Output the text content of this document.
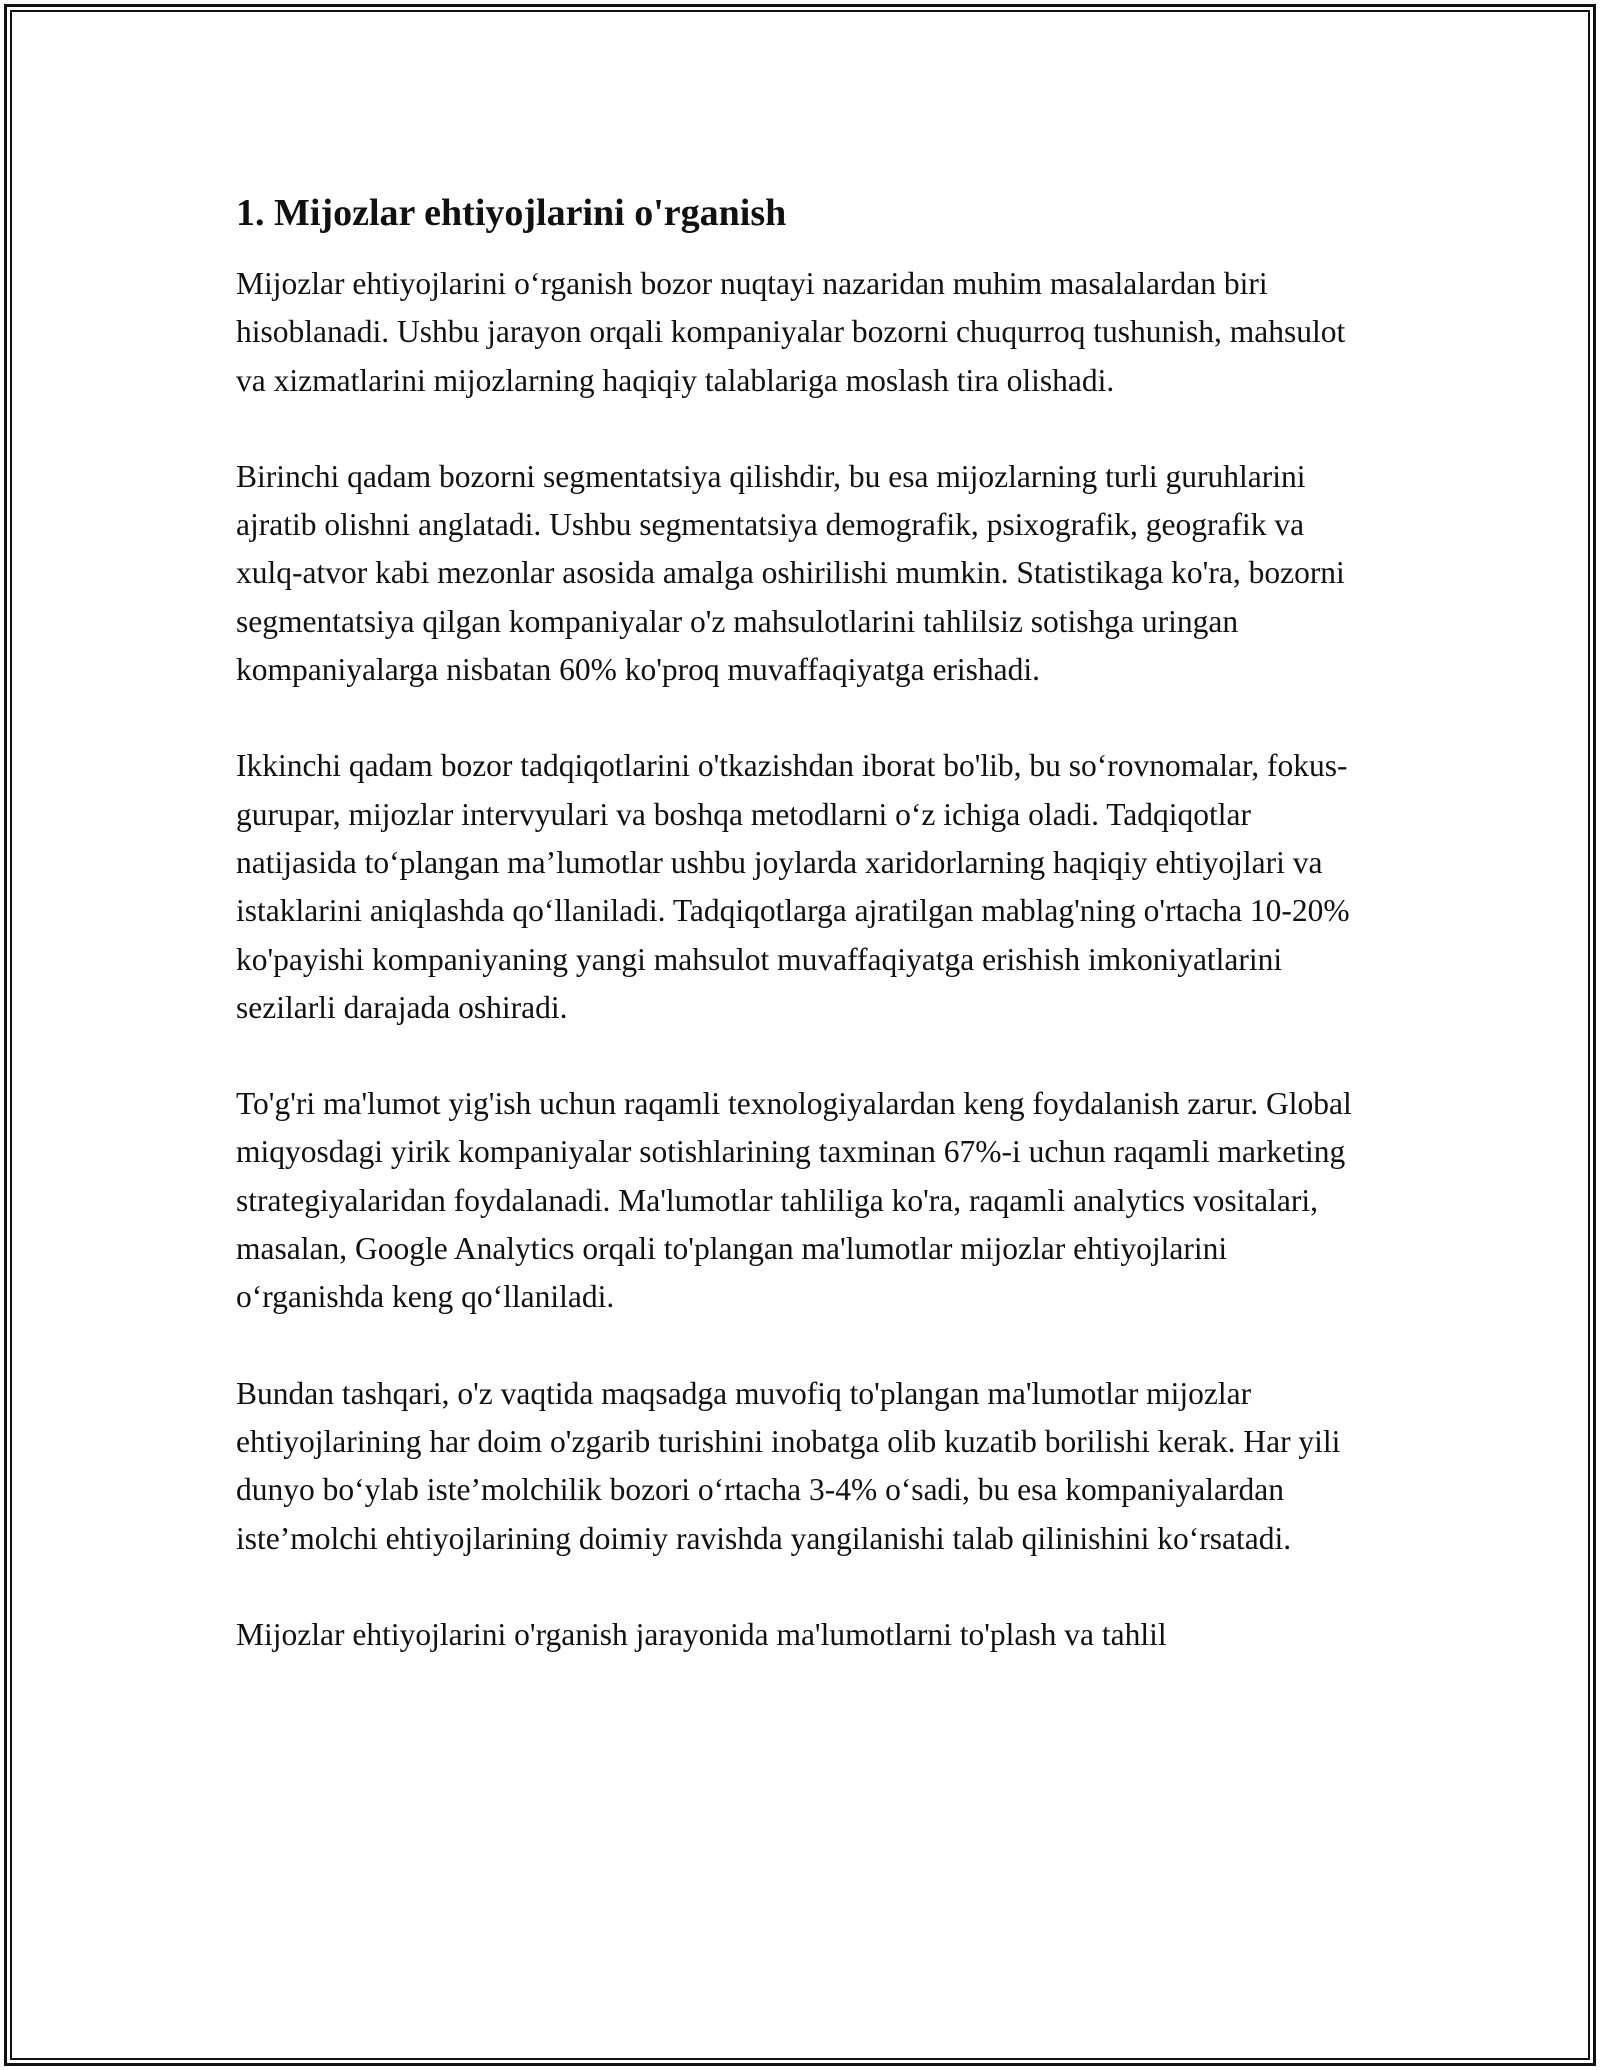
1. Mijozlar ehtiyojlarini o'rganish

Mijozlar ehtiyojlarini oʻrganish bozor nuqtayi nazaridan muhim masalalardan biri hisoblanadi. Ushbu jarayon orqali kompaniyalar bozorni chuqurroq tushunish, mahsulot va xizmatlarini mijozlarning haqiqiy talablariga moslash tira olishadi.

Birinchi qadam bozorni segmentatsiya qilishdir, bu esa mijozlarning turli guruhlarini ajratib olishni anglatadi. Ushbu segmentatsiya demografik, psixografik, geografik va xulq-atvor kabi mezonlar asosida amalga oshirilishi mumkin. Statistikaga ko'ra, bozorni segmentatsiya qilgan kompaniyalar o'z mahsulotlarini tahlilsiz sotishga uringan kompaniyalarga nisbatan 60% ko'proq muvaffaqiyatga erishadi.

Ikkinchi qadam bozor tadqiqotlarini o'tkazishdan iborat bo'lib, bu soʻrovnomalar, fokus-gurupar, mijozlar intervyulari va boshqa metodlarni oʻz ichiga oladi. Tadqiqotlar natijasida toʻplangan maʼlumotlar ushbu joylarda xaridorlarning haqiqiy ehtiyojlari va istaklarini aniqlashda qoʻllaniladi. Tadqiqotlarga ajratilgan mablag'ning o'rtacha 10-20% ko'payishi kompaniyaning yangi mahsulot muvaffaqiyatga erishish imkoniyatlarini sezilarli darajada oshiradi.

To'g'ri ma'lumot yig'ish uchun raqamli texnologiyalardan keng foydalanish zarur. Global miqyosdagi yirik kompaniyalar sotishlarining taxminan 67%-i uchun raqamli marketing strategiyalaridan foydalanadi. Ma'lumotlar tahliliga ko'ra, raqamli analytics vositalari, masalan, Google Analytics orqali to'plangan ma'lumotlar mijozlar ehtiyojlarini oʻrganishda keng qoʻllaniladi.

Bundan tashqari, o'z vaqtida maqsadga muvofiq to'plangan ma'lumotlar mijozlar ehtiyojlarining har doim o'zgarib turishini inobatga olib kuzatib borilishi kerak. Har yili dunyo boʻylab isteʼmolchilik bozori oʻrtacha 3-4% oʻsadi, bu esa kompaniyalardan isteʼmolchi ehtiyojlarining doimiy ravishda yangilanishi talab qilinishini koʻrsatadi.

Mijozlar ehtiyojlarini o'rganish jarayonida ma'lumotlarni to'plash va tahlil
